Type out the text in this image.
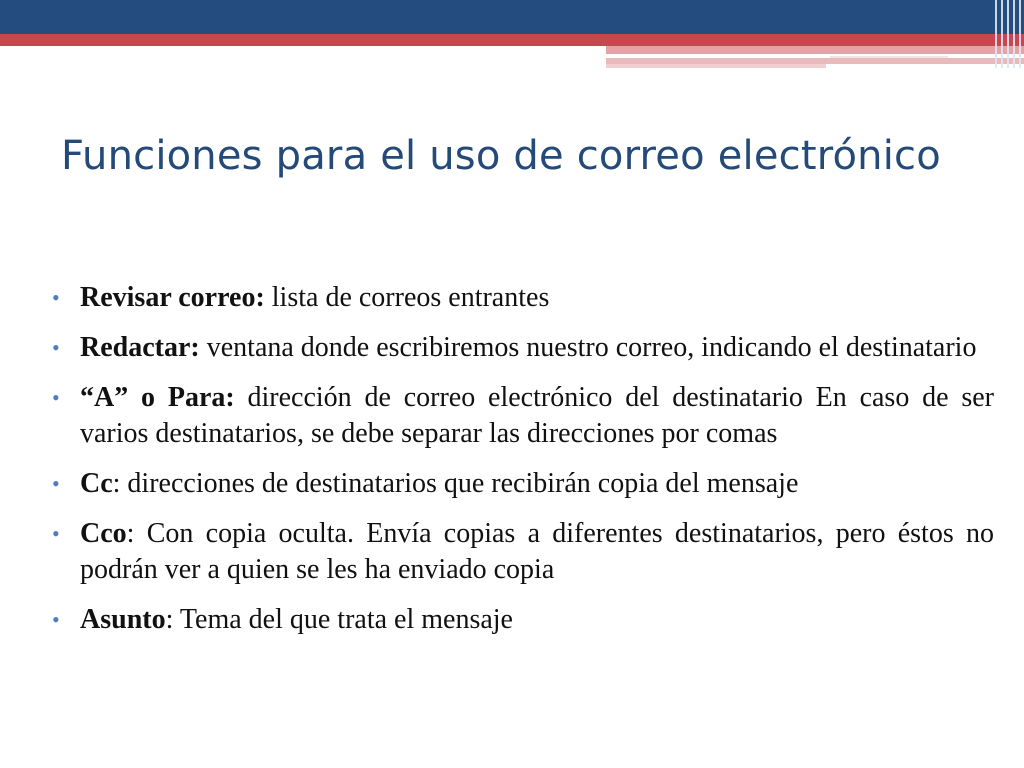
Funciones para el uso de correo electrónico
• Revisar correo: lista de correos entrantes
• Redactar: ventana donde escribiremos nuestro correo, indicando el destinatario
• “A” o Para: dirección de correo electrónico del destinatario En caso de ser varios destinatarios, se debe separar las direcciones por comas
• Cc: direcciones de destinatarios que recibirán copia del mensaje
• Cco: Con copia oculta. Envía copias a diferentes destinatarios, pero éstos no podrán ver a quien se les ha enviado copia
• Asunto: Tema del que trata el mensaje
